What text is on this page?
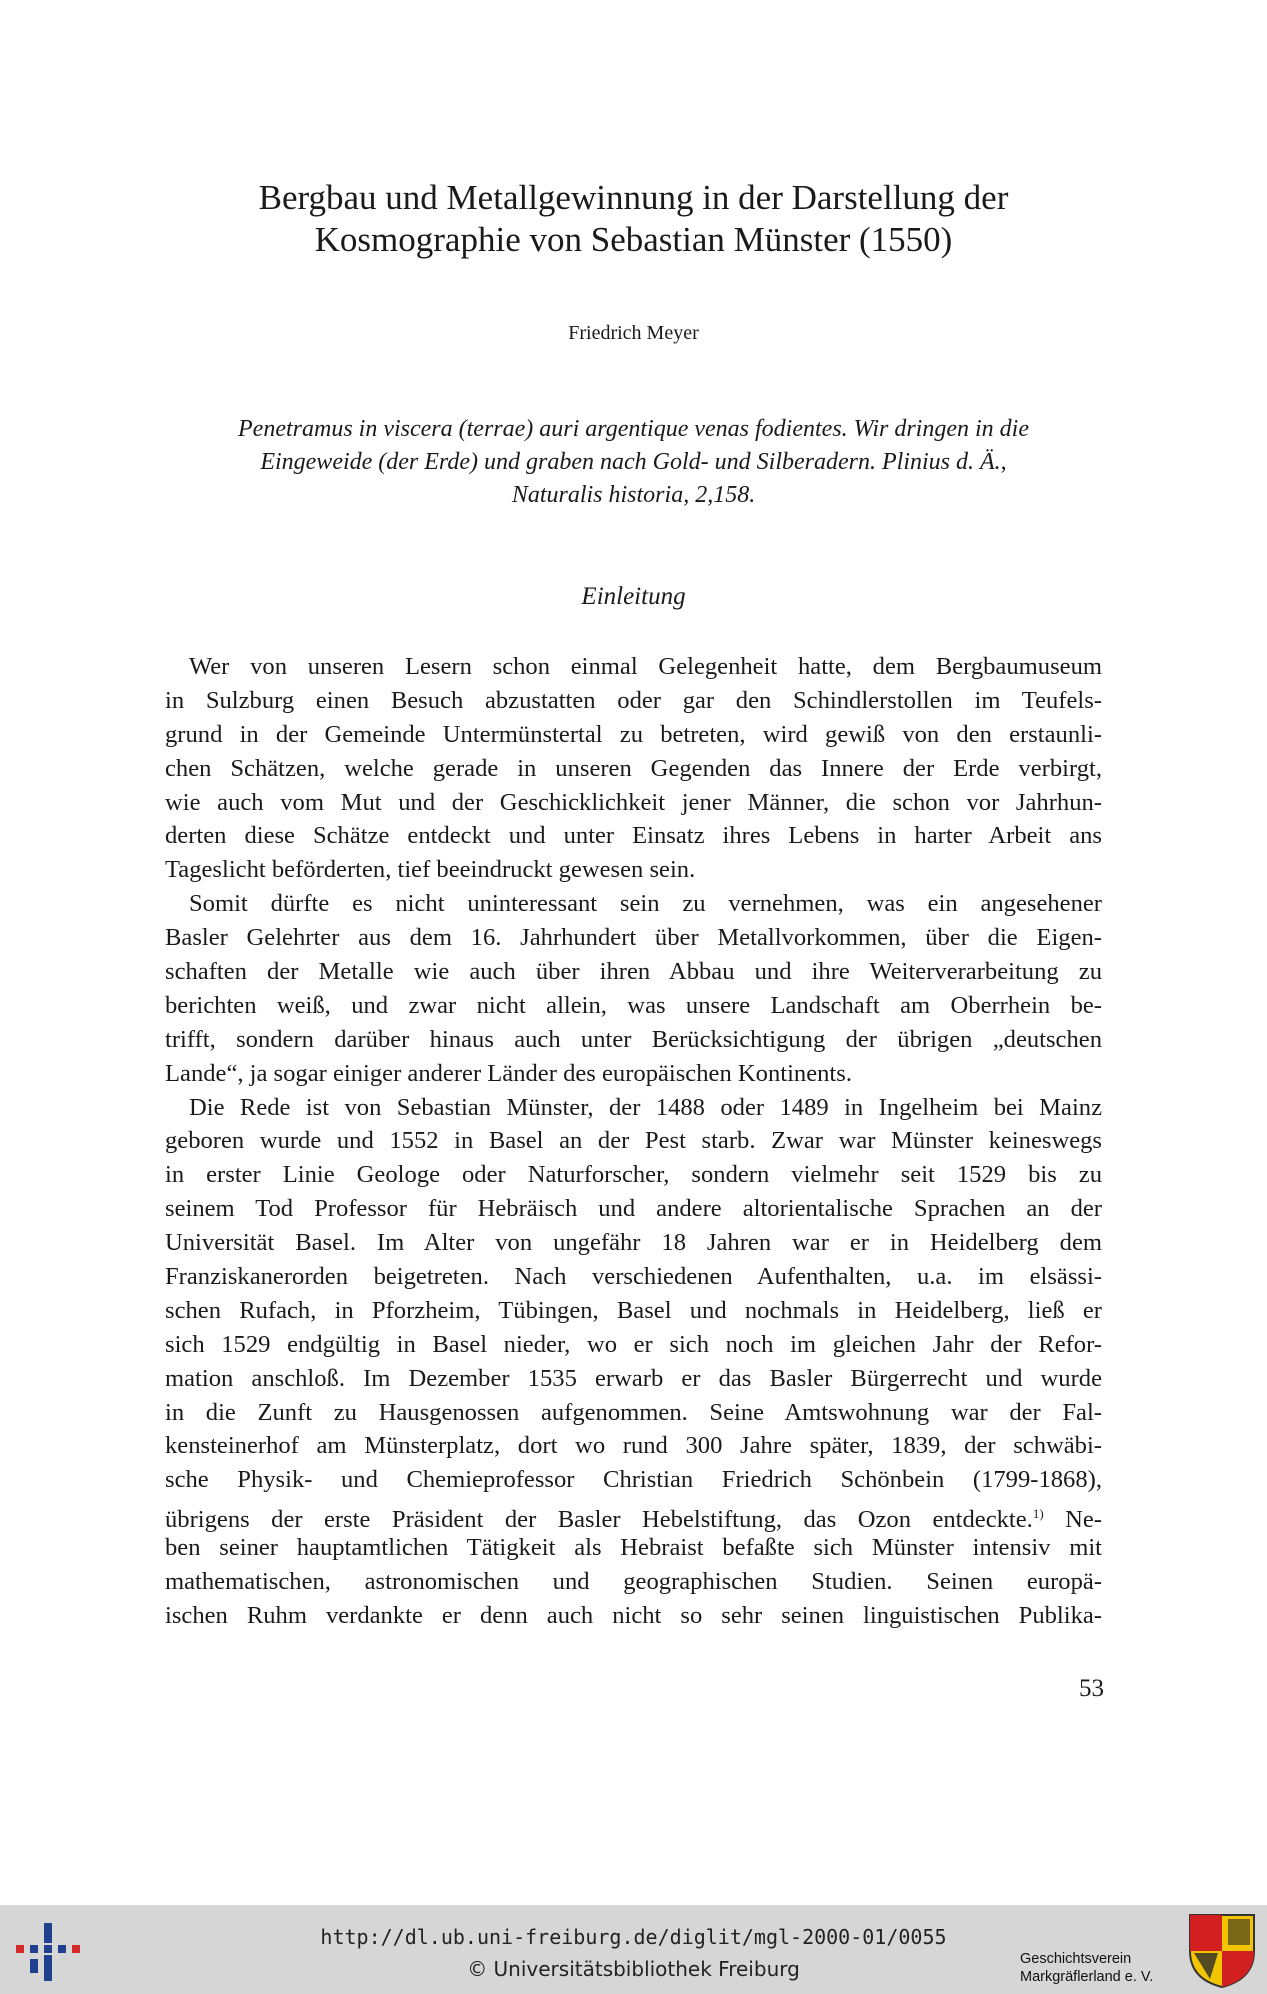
Bergbau und Metallgewinnung in der Darstellung der
Kosmographie von Sebastian Münster (1550)
Friedrich Meyer
Penetramus in viscera (terrae) auri argentique venas fodientes. Wir dringen in die
Eingeweide (der Erde) und graben nach Gold- und Silberadern. Plinius d. Ä.,
Naturalis historia, 2,158.
Einleitung
Wer von unseren Lesern schon einmal Gelegenheit hatte, dem Bergbaumuseum
in Sulzburg einen Besuch abzustatten oder gar den Schindlerstollen im Teufels-
grund in der Gemeinde Untermünstertal zu betreten, wird gewiß von den erstaunli-
chen Schätzen, welche gerade in unseren Gegenden das Innere der Erde verbirgt,
wie auch vom Mut und der Geschicklichkeit jener Männer, die schon vor Jahrhun-
derten diese Schätze entdeckt und unter Einsatz ihres Lebens in harter Arbeit ans
Tageslicht beförderten, tief beeindruckt gewesen sein.
Somit dürfte es nicht uninteressant sein zu vernehmen, was ein angesehener
Basler Gelehrter aus dem 16. Jahrhundert über Metallvorkommen, über die Eigen-
schaften der Metalle wie auch über ihren Abbau und ihre Weiterverarbeitung zu
berichten weiß, und zwar nicht allein, was unsere Landschaft am Oberrhein be-
trifft, sondern darüber hinaus auch unter Berücksichtigung der übrigen „deutschen
Lande“, ja sogar einiger anderer Länder des europäischen Kontinents.
Die Rede ist von Sebastian Münster, der 1488 oder 1489 in Ingelheim bei Mainz
geboren wurde und 1552 in Basel an der Pest starb. Zwar war Münster keineswegs
in erster Linie Geologe oder Naturforscher, sondern vielmehr seit 1529 bis zu
seinem Tod Professor für Hebräisch und andere altorientalische Sprachen an der
Universität Basel. Im Alter von ungefähr 18 Jahren war er in Heidelberg dem
Franziskanerorden beigetreten. Nach verschiedenen Aufenthalten, u.a. im elsässi-
schen Rufach, in Pforzheim, Tübingen, Basel und nochmals in Heidelberg, ließ er
sich 1529 endgültig in Basel nieder, wo er sich noch im gleichen Jahr der Refor-
mation anschloß. Im Dezember 1535 erwarb er das Basler Bürgerrecht und wurde
in die Zunft zu Hausgenossen aufgenommen. Seine Amtswohnung war der Fal-
kensteinerhof am Münsterplatz, dort wo rund 300 Jahre später, 1839, der schwäbi-
sche Physik- und Chemieprofessor Christian Friedrich Schönbein (1799-1868),
übrigens der erste Präsident der Basler Hebelstiftung, das Ozon entdeckte.$^{1)}$ Ne-
ben seiner hauptamtlichen Tätigkeit als Hebraist befaßte sich Münster intensiv mit
mathematischen, astronomischen und geographischen Studien. Seinen europä-
ischen Ruhm verdankte er denn auch nicht so sehr seinen linguistischen Publika-
53
http://dl.ub.uni-freiburg.de/diglit/mgl-2000-01/0055
© Universitätsbibliothek Freiburg	Geschichtsverein
Markgräflerland e. V.
